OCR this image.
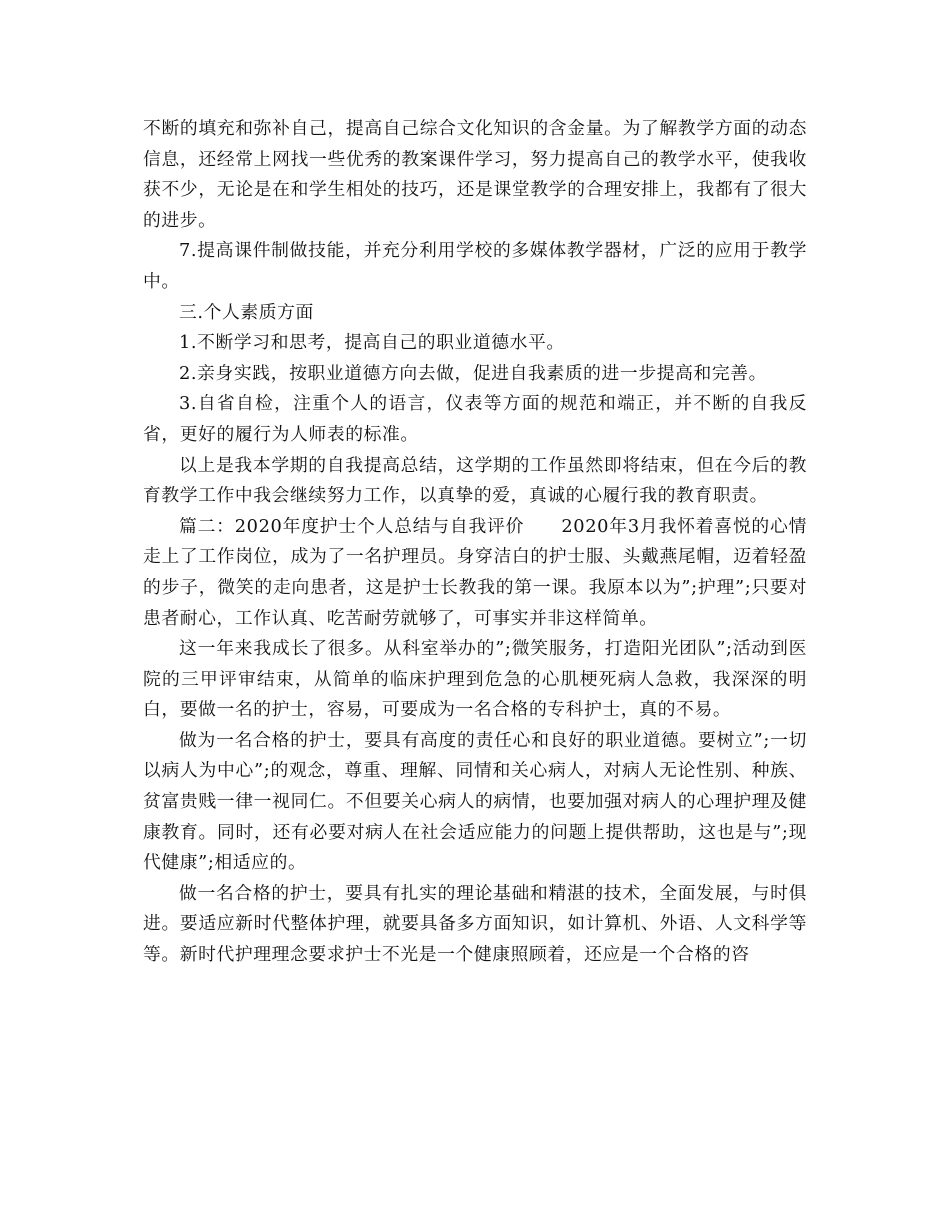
不断的填充和弥补自己，提高自己综合文化知识的含金量。为了解教学方面的动态信息，还经常上网找一些优秀的教案课件学习，努力提高自己的教学水平，使我收获不少，无论是在和学生相处的技巧，还是课堂教学的合理安排上，我都有了很大的进步。

7.提高课件制做技能，并充分利用学校的多媒体教学器材，广泛的应用于教学中。

三.个人素质方面

1.不断学习和思考，提高自己的职业道德水平。

2.亲身实践，按职业道德方向去做，促进自我素质的进一步提高和完善。

3.自省自检，注重个人的语言，仪表等方面的规范和端正，并不断的自我反省，更好的履行为人师表的标准。

以上是我本学期的自我提高总结，这学期的工作虽然即将结束，但在今后的教育教学工作中我会继续努力工作，以真挚的爱，真诚的心履行我的教育职责。

篇二：2020年度护士个人总结与自我评价　　2020年3月我怀着喜悦的心情走上了工作岗位，成为了一名护理员。身穿洁白的护士服、头戴燕尾帽，迈着轻盈的步子，微笑的走向患者，这是护士长教我的第一课。我原本以为”;护理”;只要对患者耐心，工作认真、吃苦耐劳就够了，可事实并非这样简单。

这一年来我成长了很多。从科室举办的”;微笑服务，打造阳光团队”;活动到医院的三甲评审结束，从简单的临床护理到危急的心肌梗死病人急救，我深深的明白，要做一名的护士，容易，可要成为一名合格的专科护士，真的不易。

做为一名合格的护士，要具有高度的责任心和良好的职业道德。要树立”;一切以病人为中心”;的观念，尊重、理解、同情和关心病人，对病人无论性别、种族、贫富贵贱一律一视同仁。不但要关心病人的病情，也要加强对病人的心理护理及健康教育。同时，还有必要对病人在社会适应能力的问题上提供帮助，这也是与”;现代健康”;相适应的。

做一名合格的护士，要具有扎实的理论基础和精湛的技术，全面发展，与时俱进。要适应新时代整体护理，就要具备多方面知识，如计算机、外语、人文科学等等。新时代护理理念要求护士不光是一个健康照顾着，还应是一个合格的咨
